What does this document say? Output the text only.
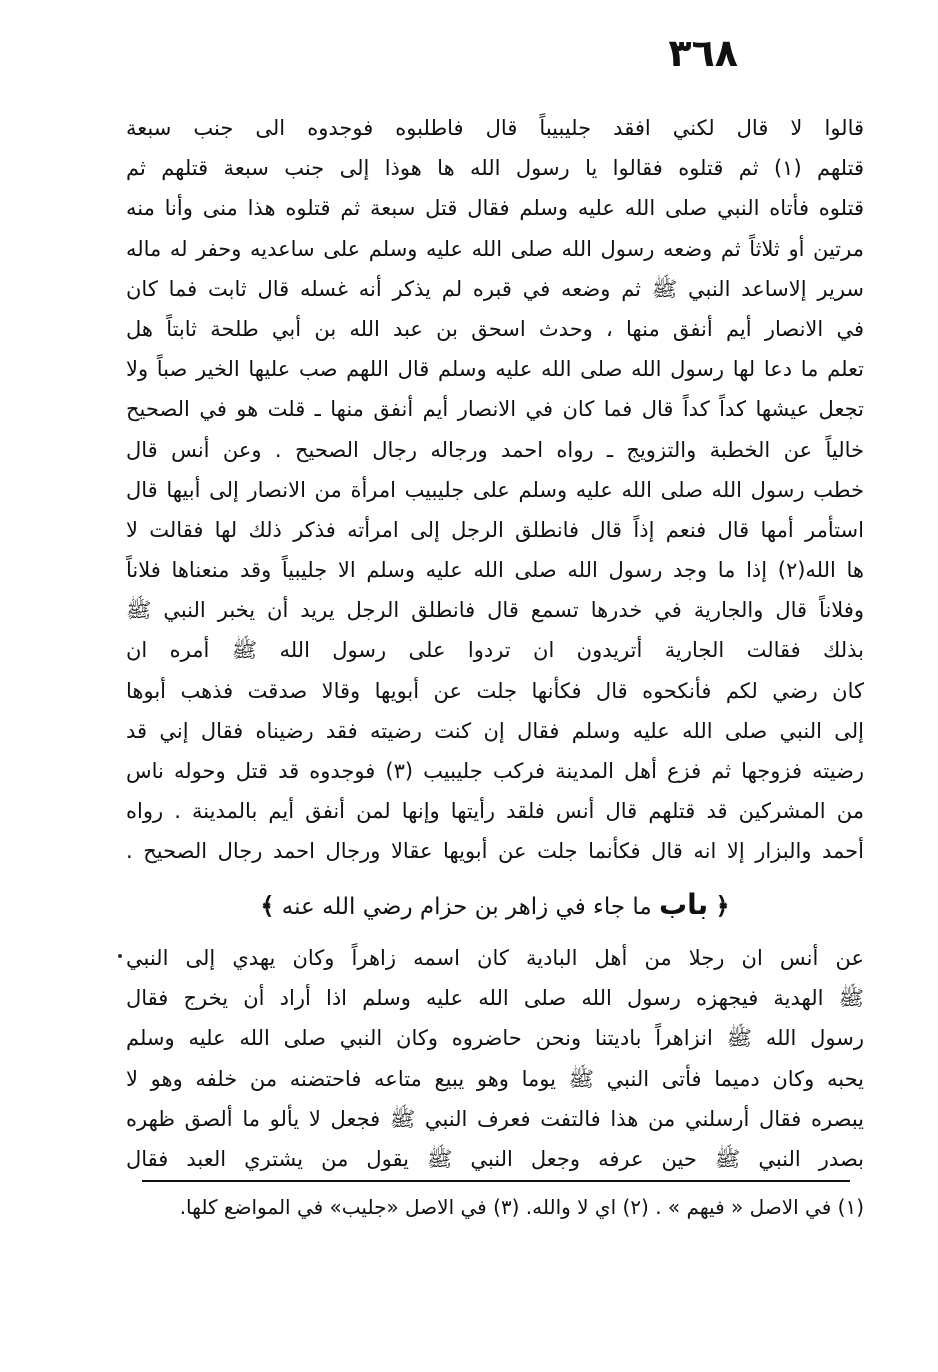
٣٦٨
قالوا لا قال لكني افقد جليبيباً قال فاطلبوه فوجدوه الى جنب سبعة
قتلهم (١) ثم قتلوه فقالوا يا رسول الله ها هوذا إلى جنب سبعة قتلهم ثم
قتلوه فأتاه النبي صلى الله عليه وسلم فقال قتل سبعة ثم قتلوه هذا منى وأنا منه
مرتين أو ثلاثاً ثم وضعه رسول الله صلى الله عليه وسلم على ساعديه وحفر له ماله
سرير إلاساعد النبي ﷺ ثم وضعه في قبره لم يذكر أنه غسله قال ثابت فما كان
في الانصار أيم أنفق منها ، وحدث اسحق بن عبد الله بن أبي طلحة ثابتاً هل
تعلم ما دعا لها رسول الله صلى الله عليه وسلم قال اللهم صب عليها الخير صباً ولا
تجعل عيشها كداً كداً قال فما كان في الانصار أيم أنفق منها ـ قلت هو في الصحيح
خالياً عن الخطبة والتزويج ـ رواه احمد ورجاله رجال الصحيح . وعن أنس قال
خطب رسول الله صلى الله عليه وسلم على جليبيب امرأة من الانصار إلى أبيها قال
استأمر أمها قال فنعم إذاً قال فانطلق الرجل إلى امرأته فذكر ذلك لها فقالت لا
ها الله(٢) إذا ما وجد رسول الله صلى الله عليه وسلم الا جليبياً وقد منعناها فلاناً
وفلاناً قال والجارية في خدرها تسمع قال فانطلق الرجل يريد أن يخبر النبي ﷺ
بذلك فقالت الجارية أتريدون ان تردوا على رسول الله ﷺ أمره ان
كان رضي لكم فأنكحوه قال فكأنها جلت عن أبويها وقالا صدقت فذهب أبوها
إلى النبي صلى الله عليه وسلم فقال إن كنت رضيته فقد رضيناه فقال إني قد
رضيته فزوجها ثم فزع أهل المدينة فركب جليبيب (٣) فوجدوه قد قتل وحوله ناس
من المشركين قد قتلهم قال أنس فلقد رأيتها وإنها لمن أنفق أيم بالمدينة . رواه
أحمد والبزار إلا انه قال فكأنما جلت عن أبويها عقالا ورجال احمد رجال الصحيح .
﴿ باب ما جاء في زاهر بن حزام رضي الله عنه ﴾
عن أنس ان رجلا من أهل البادية كان اسمه زاهراً وكان يهدي إلى النبي
ﷺ الهدية فيجهزه رسول الله صلى الله عليه وسلم اذا أراد أن يخرج فقال
رسول الله ﷺ انزاهراً باديتنا ونحن حاضروه وكان النبي صلى الله عليه وسلم
يحبه وكان دميما فأتى النبي ﷺ يوما وهو يبيع متاعه فاحتضنه من خلفه وهو لا
يبصره فقال أرسلني من هذا فالتفت فعرف النبي ﷺ فجعل لا يألو ما ألصق ظهره
بصدر النبي ﷺ حين عرفه وجعل النبي ﷺ يقول من يشتري العبد فقال
(١) في الاصل « فيهم » . (٢) اي لا والله. (٣) في الاصل «جليب» في المواضع كلها.
